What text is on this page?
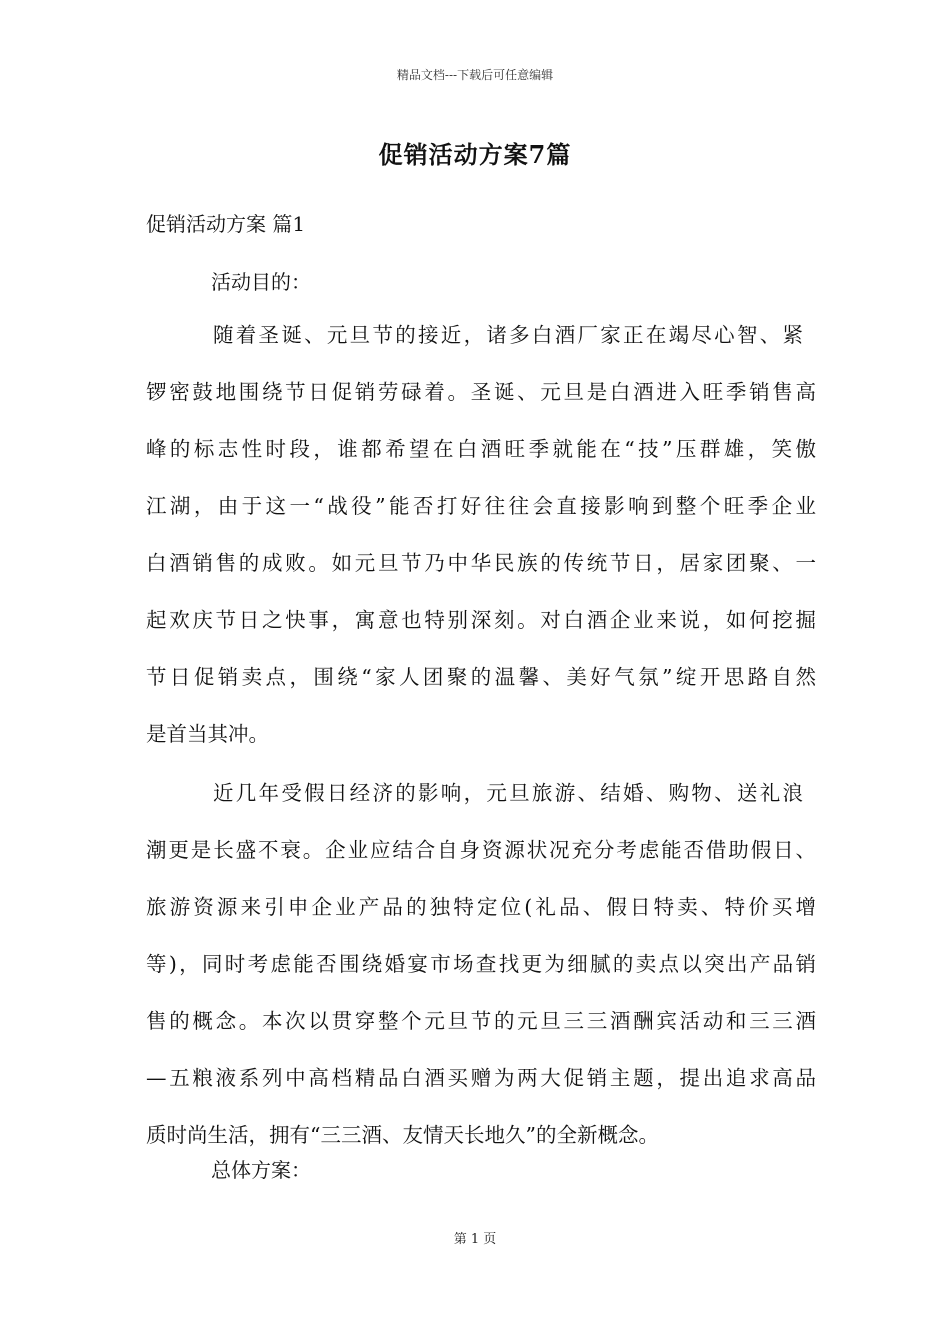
精品文档---下载后可任意编辑
促销活动方案7篇
促销活动方案 篇1
活动目的：
随着圣诞、元旦节的接近，诸多白酒厂家正在竭尽心智、紧
锣密鼓地围绕节日促销劳碌着。圣诞、元旦是白酒进入旺季销售高
峰的标志性时段，谁都希望在白酒旺季就能在“技”压群雄，笑傲
江湖，由于这一“战役”能否打好往往会直接影响到整个旺季企业
白酒销售的成败。如元旦节乃中华民族的传统节日，居家团聚、一
起欢庆节日之快事，寓意也特别深刻。对白酒企业来说，如何挖掘
节日促销卖点，围绕“家人团聚的温馨、美好气氛”绽开思路自然
是首当其冲。
近几年受假日经济的影响，元旦旅游、结婚、购物、送礼浪
潮更是长盛不衰。企业应结合自身资源状况充分考虑能否借助假日、
旅游资源来引申企业产品的独特定位(礼品、假日特卖、特价买增
等)，同时考虑能否围绕婚宴市场查找更为细腻的卖点以突出产品销
售的概念。本次以贯穿整个元旦节的元旦三三酒酬宾活动和三三酒
—五粮液系列中高档精品白酒买赠为两大促销主题，提出追求高品
质时尚生活，拥有“三三酒、友情天长地久”的全新概念。
总体方案：
第 1 页
